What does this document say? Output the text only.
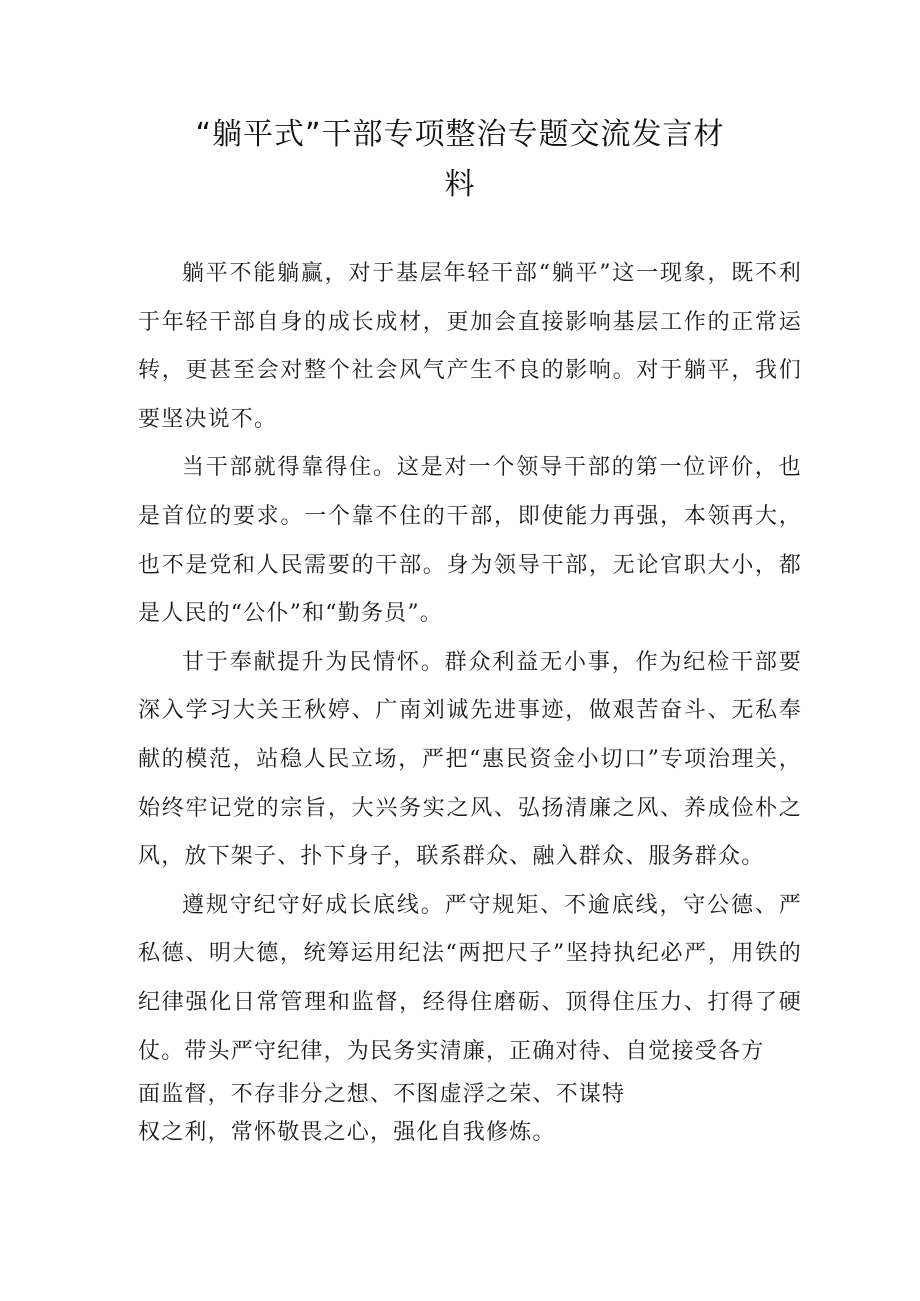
“躺平式”干部专项整治专题交流发言材
料

躺平不能躺赢，对于基层年轻干部“躺平”这一现象，既不利于年轻干部自身的成长成材，更加会直接影响基层工作的正常运转，更甚至会对整个社会风气产生不良的影响。对于躺平，我们要坚决说不。

当干部就得靠得住。这是对一个领导干部的第一位评价，也是首位的要求。一个靠不住的干部，即使能力再强，本领再大，也不是党和人民需要的干部。身为领导干部，无论官职大小，都是人民的“公仆”和“勤务员”。

甘于奉献提升为民情怀。群众利益无小事，作为纪检干部要深入学习大关王秋婷、广南刘诚先进事迹，做艰苦奋斗、无私奉献的模范，站稳人民立场，严把“惠民资金小切口”专项治理关，始终牢记党的宗旨，大兴务实之风、弘扬清廉之风、养成俭朴之风，放下架子、扑下身子，联系群众、融入群众、服务群众。

遵规守纪守好成长底线。严守规矩、不逾底线，守公德、严私德、明大德，统筹运用纪法“两把尺子”坚持执纪必严，用铁的纪律强化日常管理和监督，经得住磨砺、顶得住压力、打得了硬仗。带头严守纪律，为民务实清廉，正确对待、自觉接受各方

面监督，不存非分之想、不图虚浮之荣、不谋特

权之利，常怀敬畏之心，强化自我修炼。
